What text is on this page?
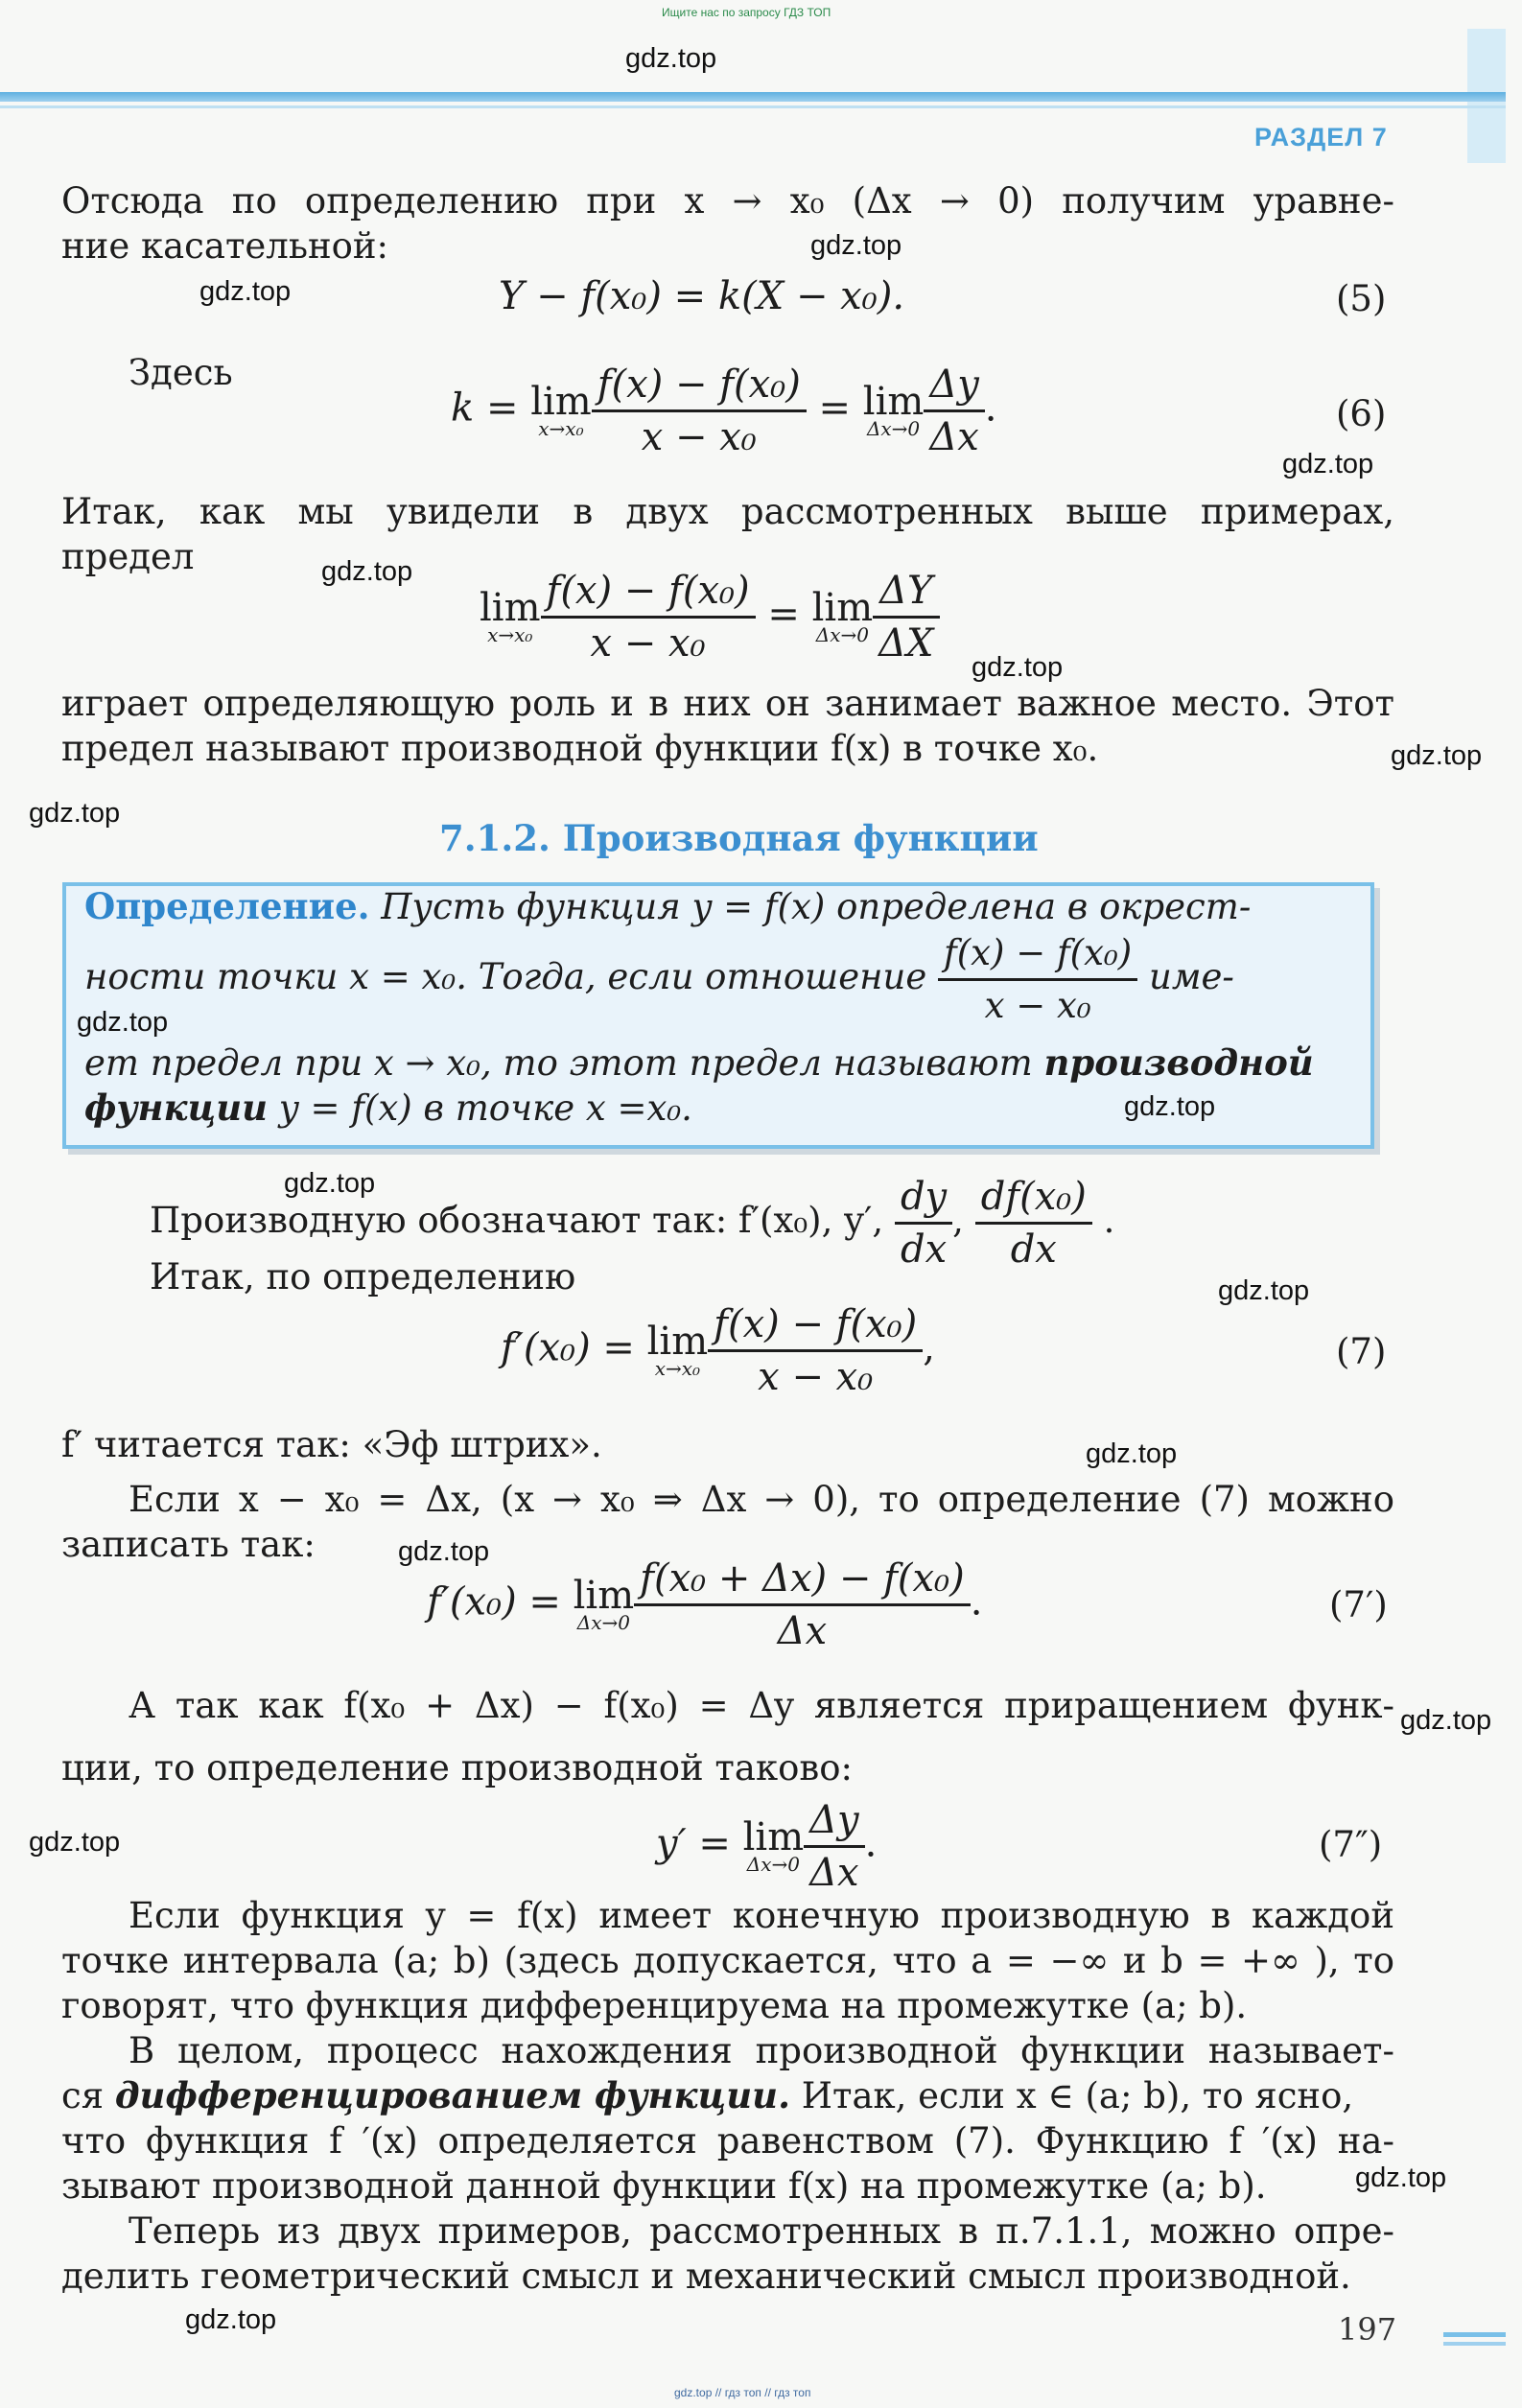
Ищите нас по запросу ГДЗ ТОП
РАЗДЕЛ 7
gdz.top
gdz.top
gdz.top
gdz.top
gdz.top
gdz.top
gdz.top
gdz.top
Отсюда по определению при x → x₀ (Δx → 0) получим уравне-
ние касательной:
Y − f(x₀) = k(X − x₀).	(5)
Здесь
k = lim
$x\to x_0 \frac{\text{f(x) − f(x₀)}}{\text{x − x₀}} = \lim$
$\Delta x\to 0 \frac{\Delta y}{\Delta x}$ .	(6)
Итак, как мы увидели в двух рассмотренных выше примерах,
предел
lim
$x\to x_0 \frac{\text{f(x) − f(x₀)}}{\text{x − x₀}} = \lim$
$\Delta x\to 0 \frac{\Delta Y}{\Delta X}$
играет определяющую роль и в них он занимает важное место. Этот
предел называют производной функции f(x) в точке x₀.
7.1.2. Производная функции
Определение. Пусть функция y = f(x) определена в окрест-
ности точки x = x₀. Тогда, если отношение $\frac{\text{f(x) − f(x₀)}}{\text{x − x₀}} име-$
gdz.top
ет предел при x → x₀, то этот предел называют производной
функции y = f(x) в точке x =x₀.	gdz.top
gdz.top
Производную обозначают так: f′(x₀), y′, $\frac{dy}{dx}$ , $\frac{\text{df(x₀)}}{dx}$ .
Итак, по определению	gdz.top
f′(x₀) = lim
$x\to x_0 \frac{\text{f(x) − f(x₀)}}{\text{x − x₀}}$ ,	(7)
f′ читается так: «Эф штрих».	gdz.top
Если x − x₀ = Δx, (x → x₀ ⇒ Δx → 0), то определение (7) можно
записать так:	gdz.top
f′(x₀) = lim
$\Delta x\to 0 \frac{\text{f(x₀ + Δx) − f(x₀)}}{\Delta x}$ .	(7′)
А так как f(x₀ + Δx) − f(x₀) = Δy является приращением функ- gdz.top
ции, то определение производной таково:
gdz.top	y′ = lim
$\Delta x\to 0 \frac{\Delta y}{\Delta x}$ .	(7″)
Если функция y = f(x) имеет конечную производную в каждой
точке интервала (a; b) (здесь допускается, что a = −∞ и b = +∞ ), то
говорят, что функция дифференцируема на промежутке (a; b).
В целом, процесс нахождения производной функции называет-
ся дифференцированием функции. Итак, если x ∈ (a; b), то ясно,
что функция f ′(x) определяется равенством (7). Функцию f ′(x) на-
зывают производной данной функции f(x) на промежутке (a; b).	gdz.top
Теперь из двух примеров, рассмотренных в п.7.1.1, можно опре-
делить геометрический смысл и механический смысл производной.
gdz.top	197
gdz.top // гдз топ // гдз топ
